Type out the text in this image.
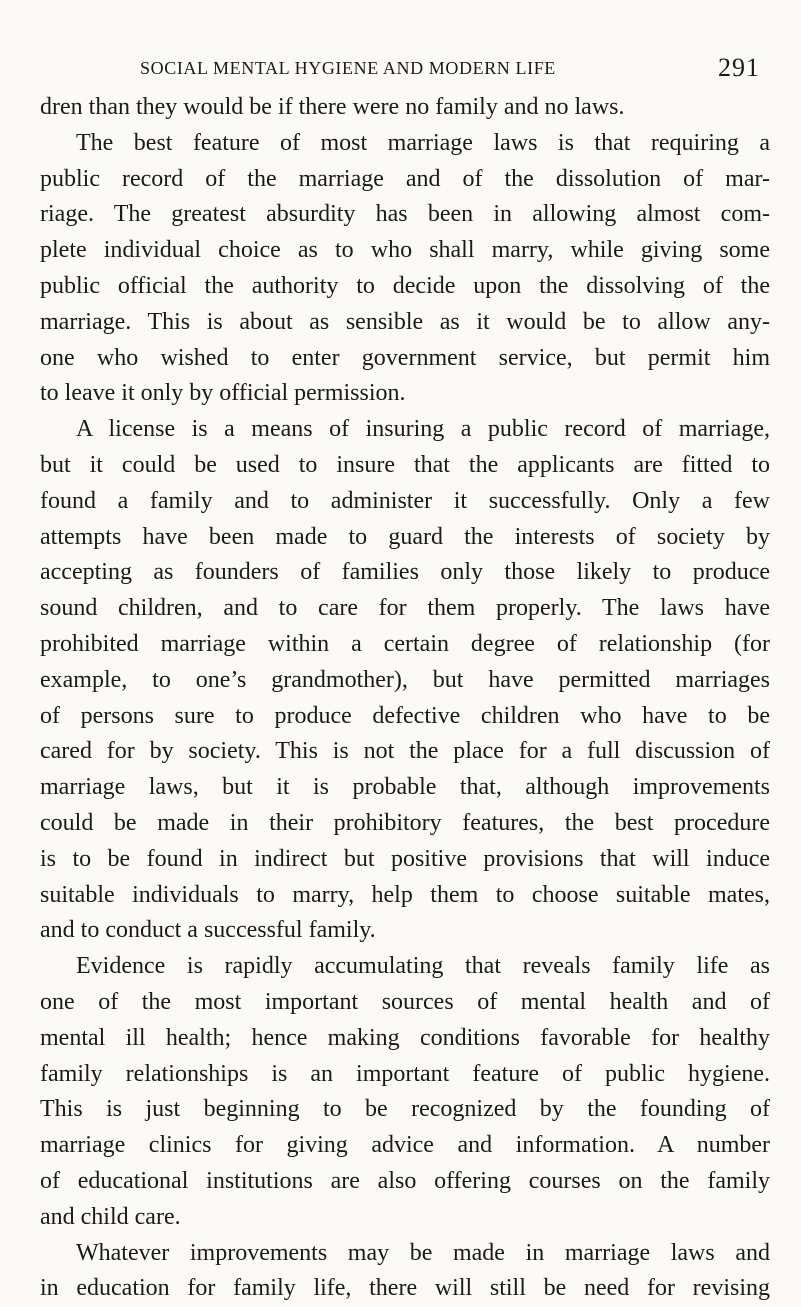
SOCIAL MENTAL HYGIENE AND MODERN LIFE	291
dren than they would be if there were no family and no laws.
The best feature of most marriage laws is that requiring a
public record of the marriage and of the dissolution of mar-
riage. The greatest absurdity has been in allowing almost com-
plete individual choice as to who shall marry, while giving some
public official the authority to decide upon the dissolving of the
marriage. This is about as sensible as it would be to allow any-
one who wished to enter government service, but permit him
to leave it only by official permission.
A license is a means of insuring a public record of marriage,
but it could be used to insure that the applicants are fitted to
found a family and to administer it successfully. Only a few
attempts have been made to guard the interests of society by
accepting as founders of families only those likely to produce
sound children, and to care for them properly. The laws have
prohibited marriage within a certain degree of relationship (for
example, to one’s grandmother), but have permitted marriages
of persons sure to produce defective children who have to be
cared for by society. This is not the place for a full discussion of
marriage laws, but it is probable that, although improvements
could be made in their prohibitory features, the best procedure
is to be found in indirect but positive provisions that will induce
suitable individuals to marry, help them to choose suitable mates,
and to conduct a successful family.
Evidence is rapidly accumulating that reveals family life as
one of the most important sources of mental health and of
mental ill health; hence making conditions favorable for healthy
family relationships is an important feature of public hygiene.
This is just beginning to be recognized by the founding of
marriage clinics for giving advice and information. A number
of educational institutions are also offering courses on the family
and child care.
Whatever improvements may be made in marriage laws and
in education for family life, there will still be need for revising
